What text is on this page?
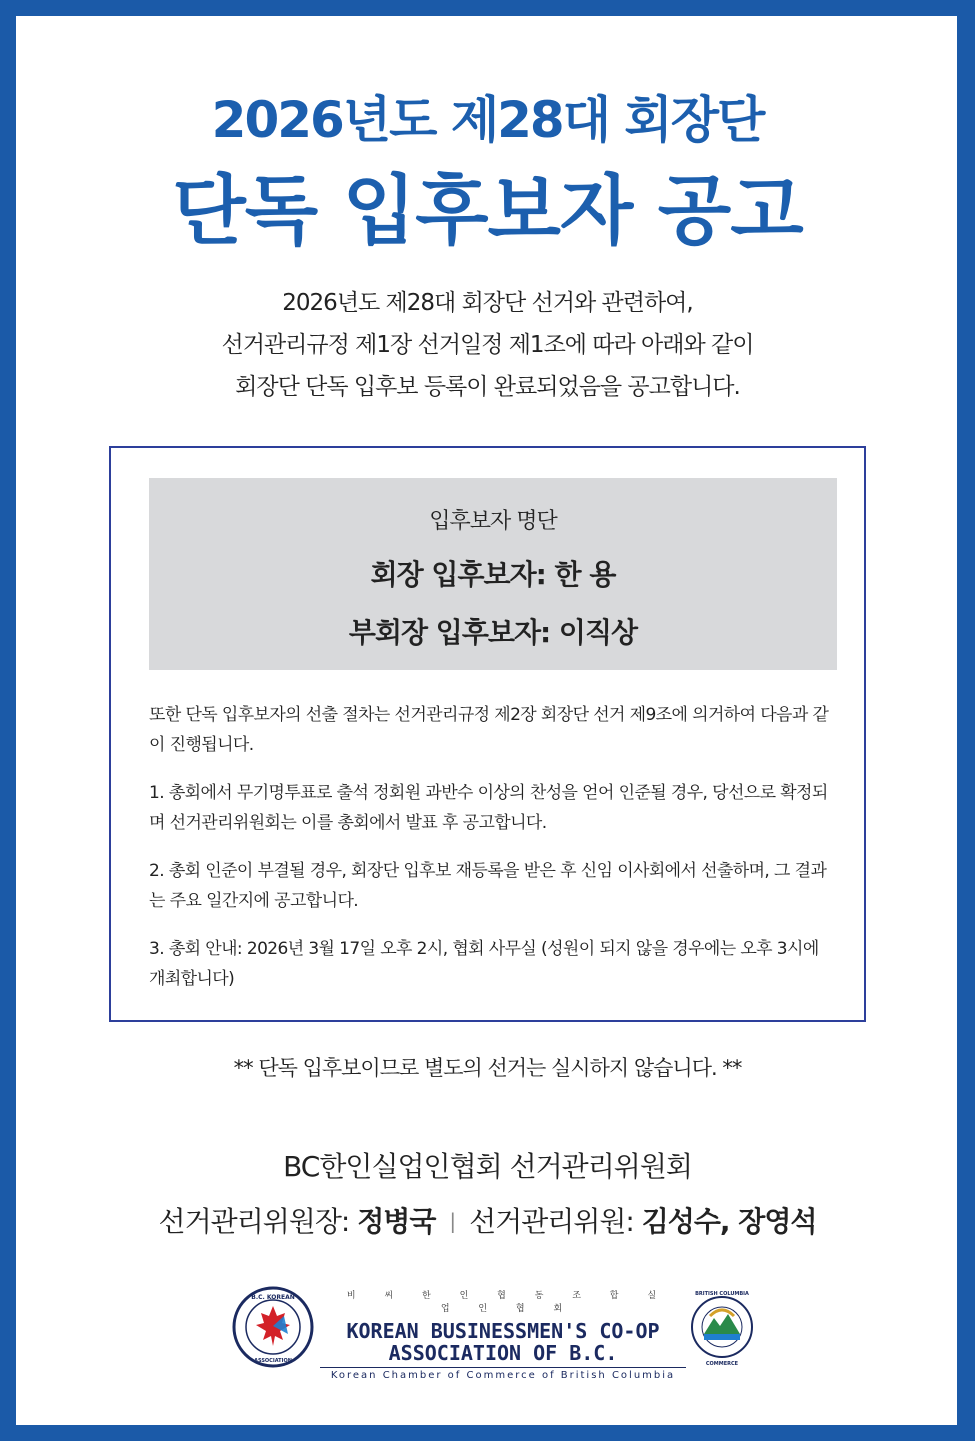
2026년도 제28대 회장단
단독 입후보자 공고
2026년도 제28대 회장단 선거와 관련하여,
선거관리규정 제1장 선거일정 제1조에 따라 아래와 같이
회장단 단독 입후보 등록이 완료되었음을 공고합니다.
입후보자 명단
회장 입후보자: 한 용
부회장 입후보자: 이직상

또한 단독 입후보자의 선출 절차는 선거관리규정 제2장 회장단 선거 제9조에 의거하여 다음과 같이 진행됩니다.

1. 총회에서 무기명투표로 출석 정회원 과반수 이상의 찬성을 얻어 인준될 경우, 당선으로 확정되며 선거관리위원회는 이를 총회에서 발표 후 공고합니다.

2. 총회 인준이 부결될 경우, 회장단 입후보 재등록을 받은 후 신임 이사회에서 선출하며, 그 결과는 주요 일간지에 공고합니다.

3. 총회 안내: 2026년 3월 17일 오후 2시, 협회 사무실 (성원이 되지 않을 경우에는 오후 3시에 개최합니다)

** 단독 입후보이므로 별도의 선거는 실시하지 않습니다. **
BC한인실업인협회 선거관리위원회
선거관리위원장: 정병국 | 선거관리위원: 김성수, 장영석
B.C. KOREAN
ASSOCIATION
비 씨 한 인 협 동 조 합 실 업 인 협 회
KOREAN BUSINESSMEN'S CO-OP
ASSOCIATION OF B.C.
Korean Chamber of Commerce of British Columbia
BRITISH COLUMBIA
COMMERCE
